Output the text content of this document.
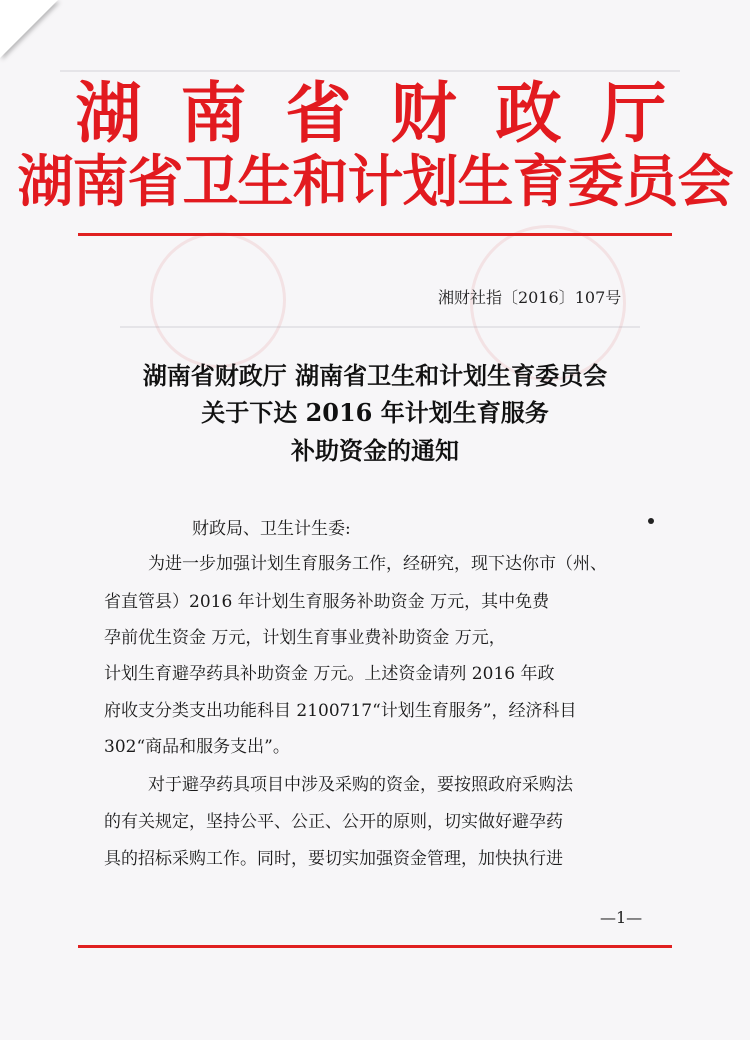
湖 南 省 财 政 厅
湖南省卫生和计划生育委员会
湘财社指〔2016〕107号
湖南省财政厅 湖南省卫生和计划生育委员会
关于下达 2016 年计划生育服务
补助资金的通知
财政局、卫生计生委:
为进一步加强计划生育服务工作，经研究，现下达你市（州、
省直管县）2016 年计划生育服务补助资金 万元，其中免费
孕前优生资金 万元，计划生育事业费补助资金 万元，
计划生育避孕药具补助资金 万元。上述资金请列 2016 年政
府收支分类支出功能科目 2100717“计划生育服务”，经济科目
302“商品和服务支出”。
对于避孕药具项目中涉及采购的资金，要按照政府采购法
的有关规定，坚持公平、公正、公开的原则，切实做好避孕药
具的招标采购工作。同时，要切实加强资金管理，加快执行进
—1—
